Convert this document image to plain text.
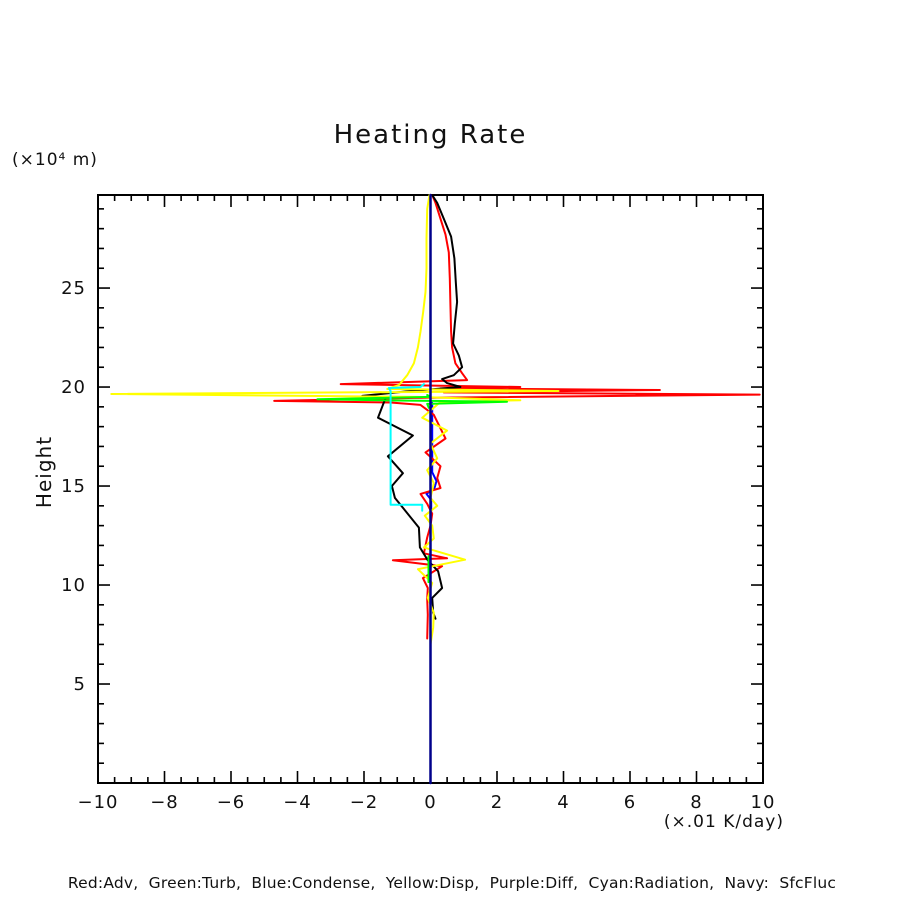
−10 −8 −6 −4 −2	0	2	4	6	8	10
5
10
15
20
25
Heating Rate
(×10⁴ m)
Height
(×.01 K/day)
Red:Adv,  Green:Turb,  Blue:Condense,  Yellow:Disp,  Purple:Diff,  Cyan:Radiation,  Navy:  SfcFluc
